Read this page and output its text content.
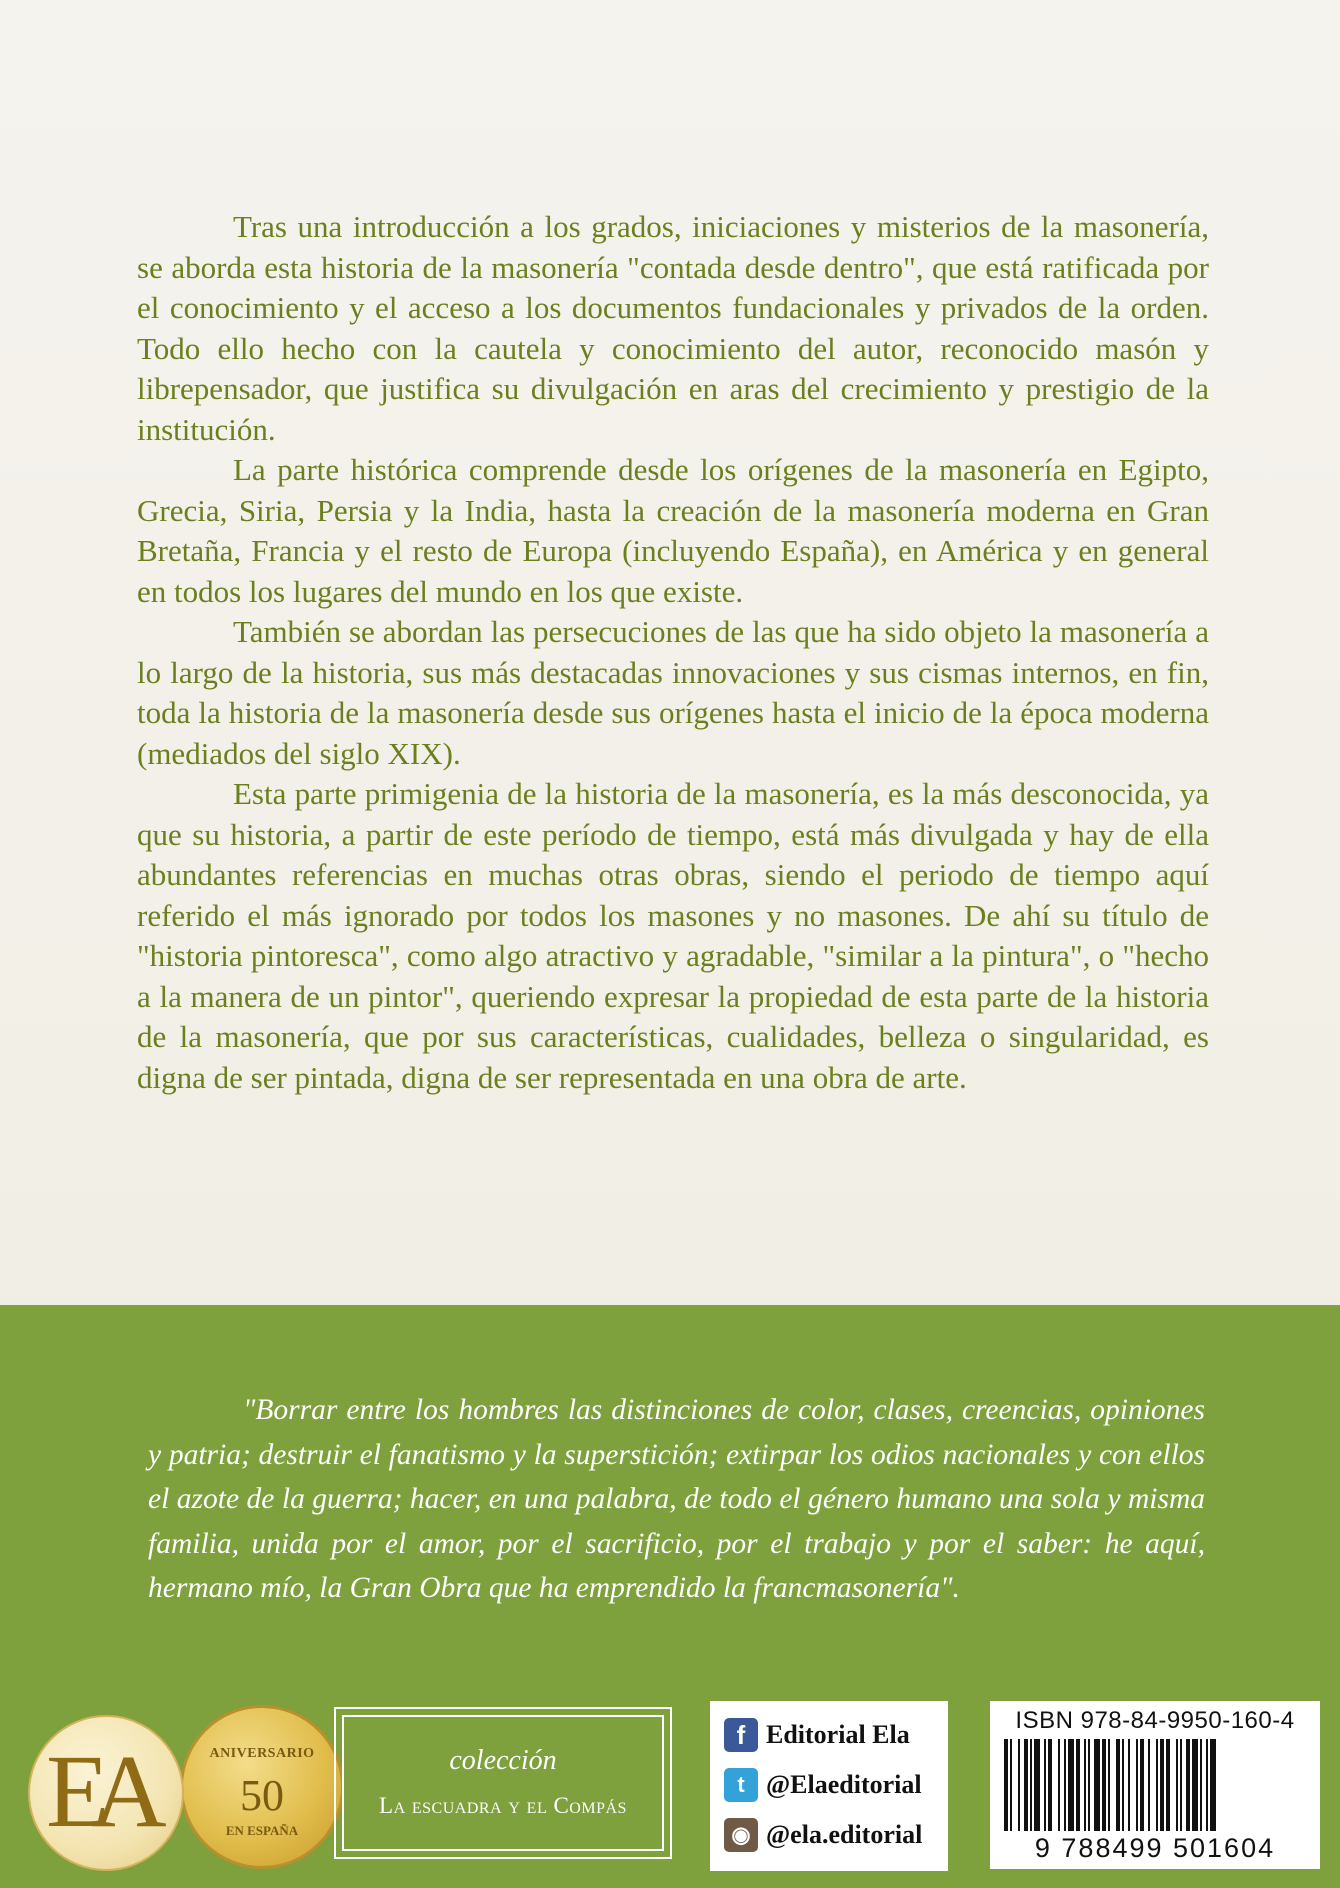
Tras una introducción a los grados, iniciaciones y misterios de la masonería, se aborda esta historia de la masonería "contada desde dentro", que está ratificada por el conocimiento y el acceso a los documentos fundacionales y privados de la orden. Todo ello hecho con la cautela y conocimiento del autor, reconocido masón y librepensador, que justifica su divulgación en aras del crecimiento y prestigio de la institución.

La parte histórica comprende desde los orígenes de la masonería en Egipto, Grecia, Siria, Persia y la India, hasta la creación de la masonería moderna en Gran Bretaña, Francia y el resto de Europa (incluyendo España), en América y en general en todos los lugares del mundo en los que existe.

También se abordan las persecuciones de las que ha sido objeto la masonería a lo largo de la historia, sus más destacadas innovaciones y sus cismas internos, en fin, toda la historia de la masonería desde sus orígenes hasta el inicio de la época moderna (mediados del siglo XIX).

Esta parte primigenia de la historia de la masonería, es la más desconocida, ya que su historia, a partir de este período de tiempo, está más divulgada y hay de ella abundantes referencias en muchas otras obras, siendo el periodo de tiempo aquí referido el más ignorado por todos los masones y no masones. De ahí su título de "historia pintoresca", como algo atractivo y agradable, "similar a la pintura", o "hecho a la manera de un pintor", queriendo expresar la propiedad de esta parte de la historia de la masonería, que por sus características, cualidades, belleza o singularidad, es digna de ser pintada, digna de ser representada en una obra de arte.

"Borrar entre los hombres las distinciones de color, clases, creencias, opiniones y patria; destruir el fanatismo y la superstición; extirpar los odios nacionales y con ellos el azote de la guerra; hacer, en una palabra, de todo el género humano una sola y misma familia, unida por el amor, por el sacrificio, por el trabajo y por el saber: he aquí, hermano mío, la Gran Obra que ha emprendido la francmasonería".

ANIVERSARIO
50
EN ESPAÑA
EA	colección
La escuadra y el Compás
f Editorial Ela
t @Elaeditorial
◉ @ela.editorial
ISBN 978-84-9950-160-4
9 788499 501604
